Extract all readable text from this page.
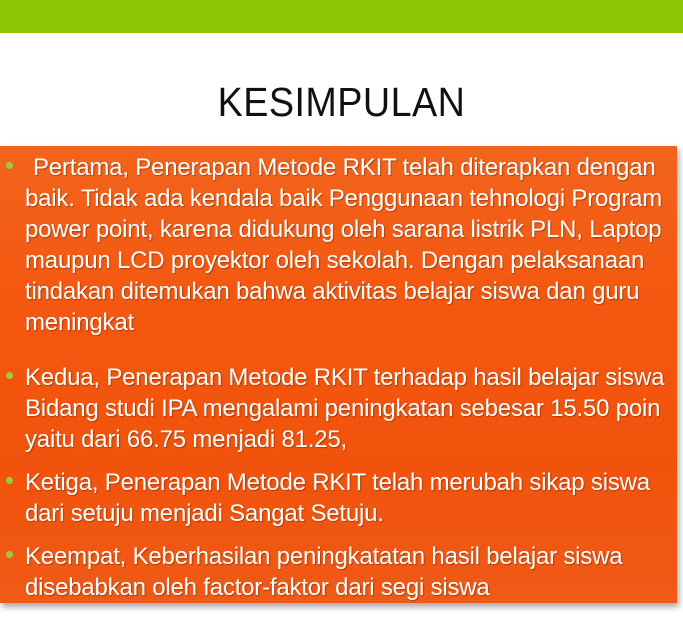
KESIMPULAN
Pertama, Penerapan Metode RKIT telah diterapkan dengan baik. Tidak ada kendala baik Penggunaan tehnologi Program power point, karena didukung oleh sarana listrik PLN, Laptop maupun LCD proyektor oleh sekolah. Dengan pelaksanaan tindakan ditemukan bahwa aktivitas belajar siswa dan guru meningkat
Kedua, Penerapan Metode RKIT terhadap hasil belajar siswa Bidang studi IPA mengalami peningkatan sebesar 15.50 poin yaitu dari 66.75 menjadi 81.25,
Ketiga, Penerapan Metode RKIT telah merubah sikap siswa dari setuju menjadi Sangat Setuju.
Keempat, Keberhasilan peningkatatan hasil belajar siswa disebabkan oleh factor-faktor dari segi siswa
